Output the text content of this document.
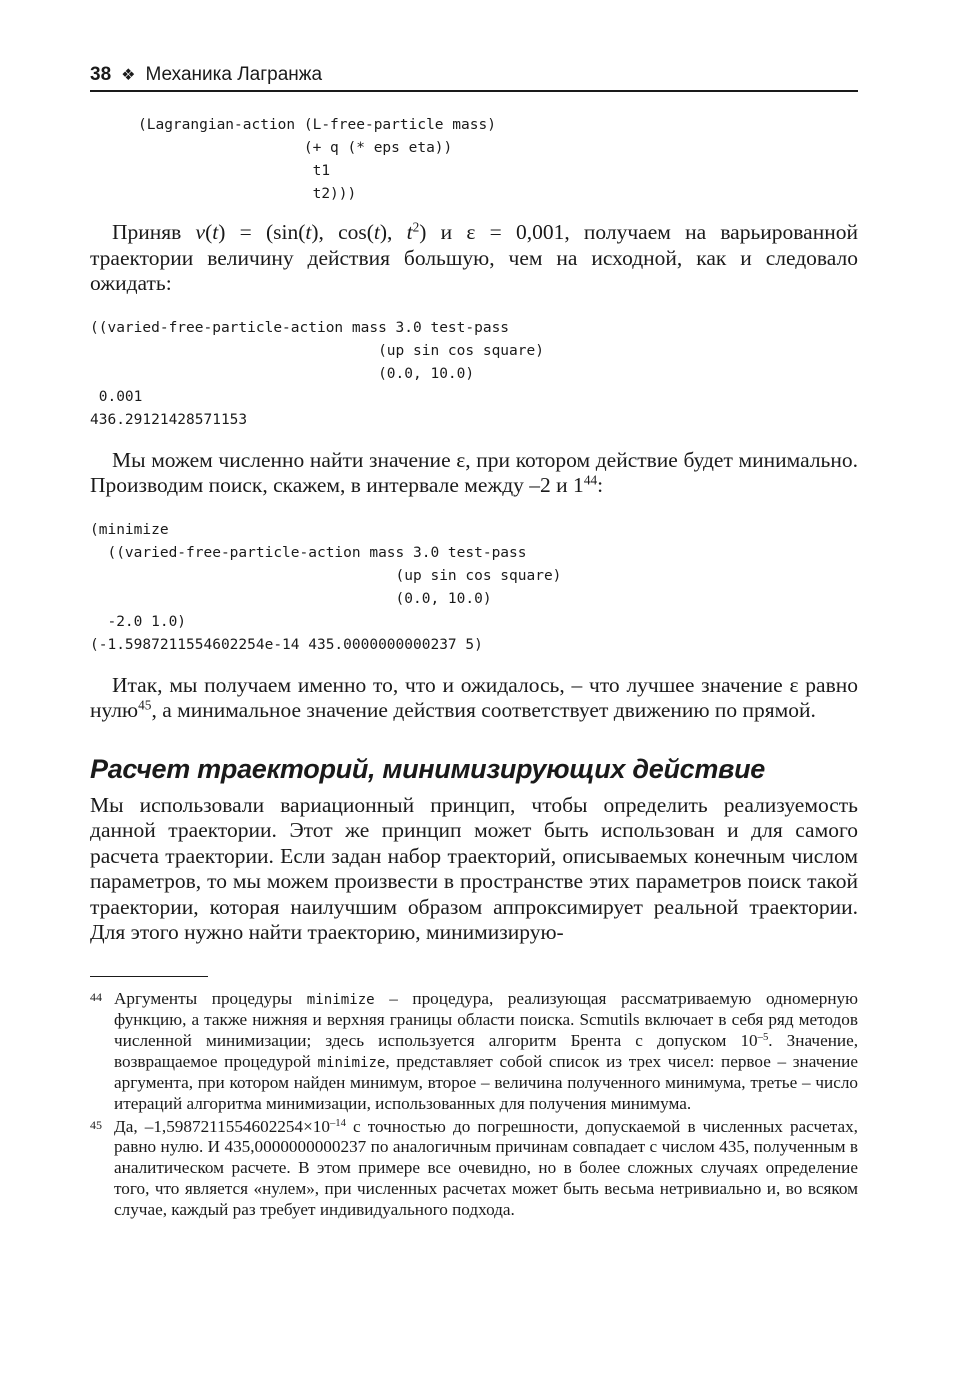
38 ❖ Механика Лагранжа
(Lagrangian-action (L-free-particle mass)
(+ q (* eps eta))
t1
t2)))

Приняв v(t) = (sin(t), cos(t), $t^2$) и ε = 0,001, получаем на варьированной траектории величину действия большую, чем на исходной, как и следовало ожидать:

((varied-free-particle-action mass 3.0 test-pass
(up sin cos square)
(0.0, 10.0)
0.001
436.29121428571153

Мы можем численно найти значение ε, при котором действие будет минимально. Производим поиск, скажем, в интервале между –2 и $1^{44}$:

(minimize
((varied-free-particle-action mass 3.0 test-pass
(up sin cos square)
(0.0, 10.0)
-2.0 1.0)
(-1.5987211554602254e-14 435.0000000000237 5)

Итак, мы получаем именно то, что и ожидалось, – что лучшее значение ε равно нулю$^{45}$, а минимальное значение действия соответствует движению по прямой.

Расчет траекторий, минимизирующих действие

Мы использовали вариационный принцип, чтобы определить реализуемость данной траектории. Этот же принцип может быть использован и для самого расчета траектории. Если задан набор траекторий, описываемых конечным числом параметров, то мы можем произвести в пространстве этих параметров поиск такой траектории, которая наилучшим образом аппроксимирует реальной траектории. Для этого нужно найти траекторию, минимизирую-

44 Аргументы процедуры minimize – процедура, реализующая рассматриваемую одномерную функцию, а также нижняя и верхняя границы области поиска. Scmutils включает в себя ряд методов численной минимизации; здесь используется алгоритм Брента с допуском $10^{-5}$. Значение, возвращаемое процедурой minimize, представляет собой список из трех чисел: первое – значение аргумента, при котором найден минимум, второе – величина полученного минимума, третье – число итераций алгоритма минимизации, использованных для получения минимума.
45 Да, $-1,5987211554602254\times 10^{-14}$ с точностью до погрешности, допускаемой в численных расчетах, равно нулю. И 435,0000000000237 по аналогичным причинам совпадает с числом 435, полученным в аналитическом расчете. В этом примере все очевидно, но в более сложных случаях определение того, что является «нулем», при численных расчетах может быть весьма нетривиально и, во всяком случае, каждый раз требует индивидуального подхода.
